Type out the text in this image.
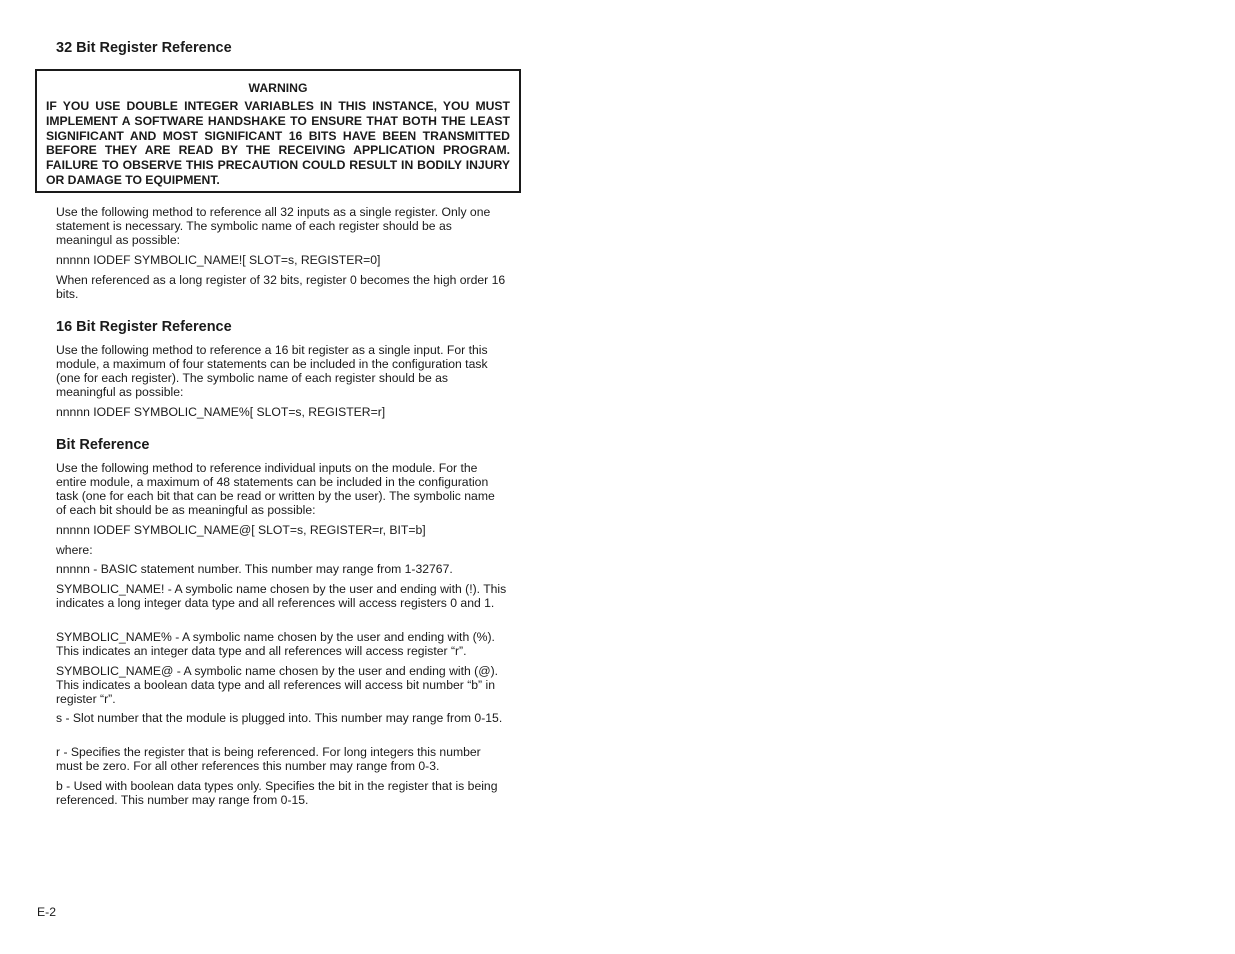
32 Bit Register Reference
WARNING
IF YOU USE DOUBLE INTEGER VARIABLES IN THIS INSTANCE, YOU MUST IMPLEMENT A SOFTWARE HANDSHAKE TO ENSURE THAT BOTH THE LEAST SIGNIFICANT AND MOST SIGNIFICANT 16 BITS HAVE BEEN TRANSMITTED BEFORE THEY ARE READ BY THE RECEIVING APPLICATION PROGRAM. FAILURE TO OBSERVE THIS PRECAUTION COULD RESULT IN BODILY INJURY OR DAMAGE TO EQUIPMENT.

Use the following method to reference all 32 inputs as a single register. Only one statement is necessary. The symbolic name of each register should be as meaningul as possible:

nnnnn IODEF SYMBOLIC_NAME![ SLOT=s, REGISTER=0]

When referenced as a long register of 32 bits, register 0 becomes the high order 16 bits.

16 Bit Register Reference

Use the following method to reference a 16 bit register as a single input. For this module, a maximum of four statements can be included in the configuration task (one for each register). The symbolic name of each register should be as meaningful as possible:

nnnnn IODEF SYMBOLIC_NAME%[ SLOT=s, REGISTER=r]

Bit Reference

Use the following method to reference individual inputs on the module. For the entire module, a maximum of 48 statements can be included in the configuration task (one for each bit that can be read or written by the user). The symbolic name of each bit should be as meaningful as possible:

nnnnn IODEF SYMBOLIC_NAME@[ SLOT=s, REGISTER=r, BIT=b]

where:

nnnnn - BASIC statement number. This number may range from 1-32767.

SYMBOLIC_NAME! - A symbolic name chosen by the user and ending with (!). This indicates a long integer data type and all references will access registers 0 and 1.

SYMBOLIC_NAME% - A symbolic name chosen by the user and ending with (%). This indicates an integer data type and all references will access register “r”.

SYMBOLIC_NAME@ - A symbolic name chosen by the user and ending with (@). This indicates a boolean data type and all references will access bit number “b” in register “r”.

s - Slot number that the module is plugged into. This number may range from 0-15.

r - Specifies the register that is being referenced. For long integers this number must be zero. For all other references this number may range from 0-3.

b - Used with boolean data types only. Specifies the bit in the register that is being referenced. This number may range from 0-15.

E-2
